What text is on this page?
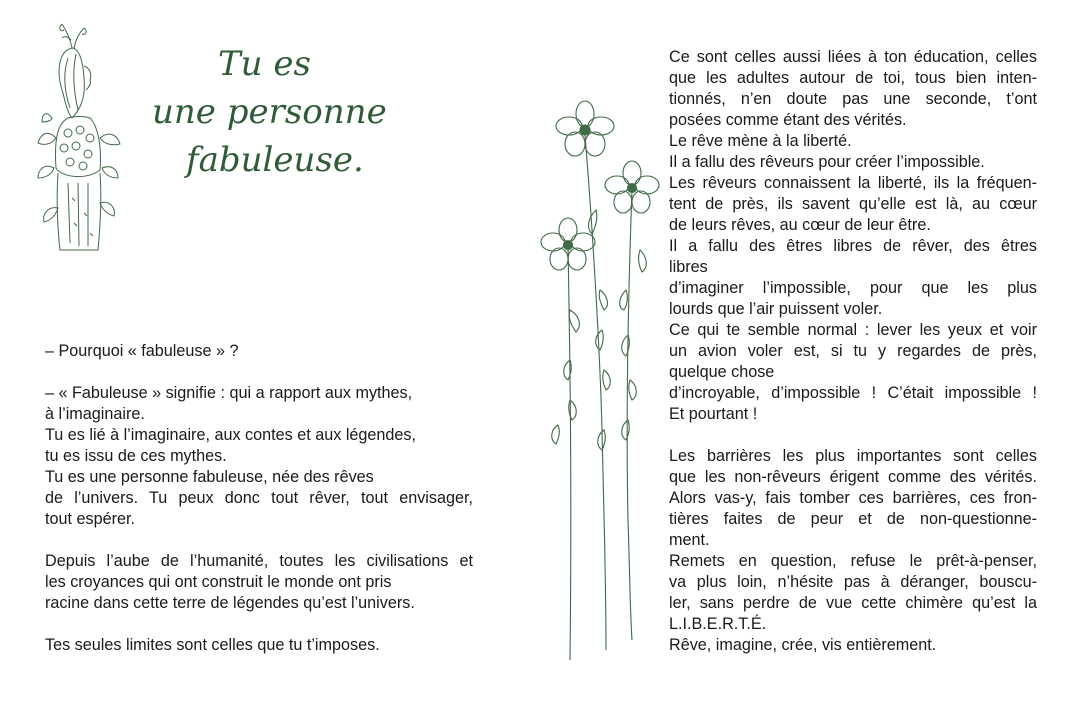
Tu es
une personne
fabuleuse.
– Pourquoi « fabuleuse » ?
– « Fabuleuse » signifie : qui a rapport aux mythes,
à l’imaginaire.
Tu es lié à l’imaginaire, aux contes et aux légendes,
tu es issu de ces mythes.
Tu es une personne fabuleuse, née des rêves
de l’univers. Tu peux donc tout rêver, tout envisager,
tout espérer.
Depuis l’aube de l’humanité, toutes les civilisations et
les croyances qui ont construit le monde ont pris
racine dans cette terre de légendes qu’est l’univers.
Tes seules limites sont celles que tu t’imposes.
Ce sont celles aussi liées à ton éducation, celles
que les adultes autour de toi, tous bien inten-
tionnés, n’en doute pas une seconde, t’ont
posées comme étant des vérités.
Le rêve mène à la liberté.
Il a fallu des rêveurs pour créer l’impossible.
Les rêveurs connaissent la liberté, ils la fréquen-
tent de près, ils savent qu’elle est là, au cœur
de leurs rêves, au cœur de leur être.
Il a fallu des êtres libres de rêver, des êtres
libres
d’imaginer l’impossible, pour que les plus
lourds que l’air puissent voler.
Ce qui te semble normal : lever les yeux et voir
un avion voler est, si tu y regardes de près,
quelque chose
d’incroyable, d’impossible ! C’était impossible !
Et pourtant !
Les barrières les plus importantes sont celles
que les non-rêveurs érigent comme des vérités.
Alors vas-y, fais tomber ces barrières, ces fron-
tières faites de peur et de non-questionne-
ment.
Remets en question, refuse le prêt-à-penser,
va plus loin, n’hésite pas à déranger, bouscu-
ler, sans perdre de vue cette chimère qu’est la
L.I.B.E.R.T.É.
Rêve, imagine, crée, vis entièrement.
